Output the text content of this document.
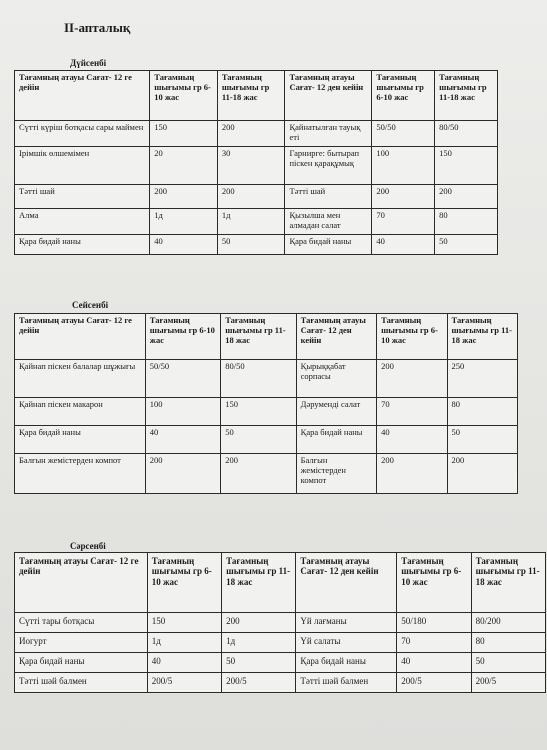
II-апталық
Дүйсенбі
Тағамның атауы Сағат- 12 ге дейін	Тағамның шығымы гр 6-10 жас	Тағамның шығымы гр 11-18 жас	Тағамның атауы Сағат- 12 ден кейін	Тағамның шығымы гр 6-10 жас	Тағамның шығымы гр 11-18 жас
Сүтті күріш ботқасы сары маймен	150	200	Қайнатылған тауық еті	50/50	80/50
Ірімшік өлшемімен	20	30	Гарнирге: бытырап піскен қарақұмық	100	150
Тәтті шай	200	200	Тәтті шай	200	200
Алма	1д	1д	Қызылша мен алмадан салат	70	80
Қара бидай наны	40	50	Қара бидай наны	40	50
Сейсенбі
Тағамның атауы Сағат- 12 ге дейін	Тағамның шығымы гр 6-10 жас	Тағамның шығымы гр 11-18 жас	Тағамның атауы Сағат- 12 ден кейін	Тағамның шығымы гр 6-10 жас	Тағамның шығымы гр 11-18 жас
Қайнап піскен балалар шұжығы	50/50	80/50	Қырыққабат сорпасы	200	250
Қайнап піскен макарон	100	150	Дәруменді салат	70	80
Қара бидай наны	40	50	Қара бидай наны	40	50
Балғын жемістерден компот	200	200	Балғын жемістерден компот	200	200
Сәрсенбі
Тағамның атауы Сағат- 12 ге дейін	Тағамның шығымы гр 6-10 жас	Тағамның шығымы гр 11-18 жас	Тағамның атауы Сағат- 12 ден кейін	Тағамның шығымы гр 6-10 жас	Тағамның шығымы гр 11-18 жас
Сүтті тары ботқасы	150	200	Үй лағманы	50/180	80/200
Иогурт	1д	1д	Үй салаты	70	80
Қара бидай наны	40	50	Қара бидай наны	40	50
Тәтті шәй балмен	200/5	200/5	Тәтті шәй балмен	200/5	200/5
